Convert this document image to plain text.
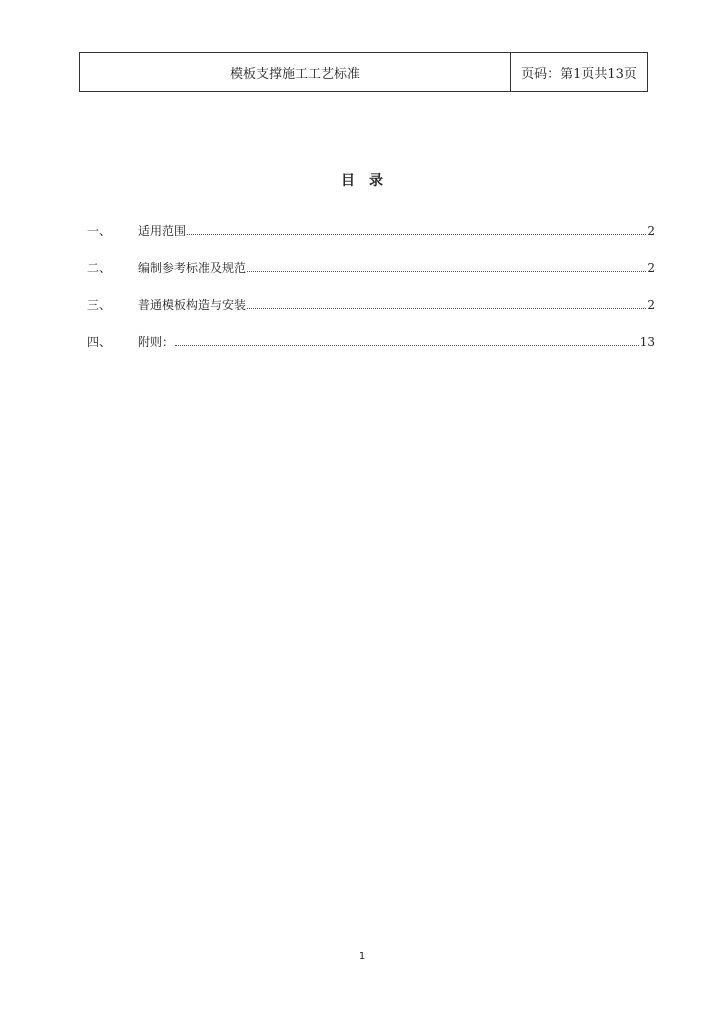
模板支撑施工工艺标准	页码：第1页共13页
目录
一、	适用范围	2
二、	编制参考标准及规范	2
三、	普通模板构造与安装	2
四、	附则：	13
1
